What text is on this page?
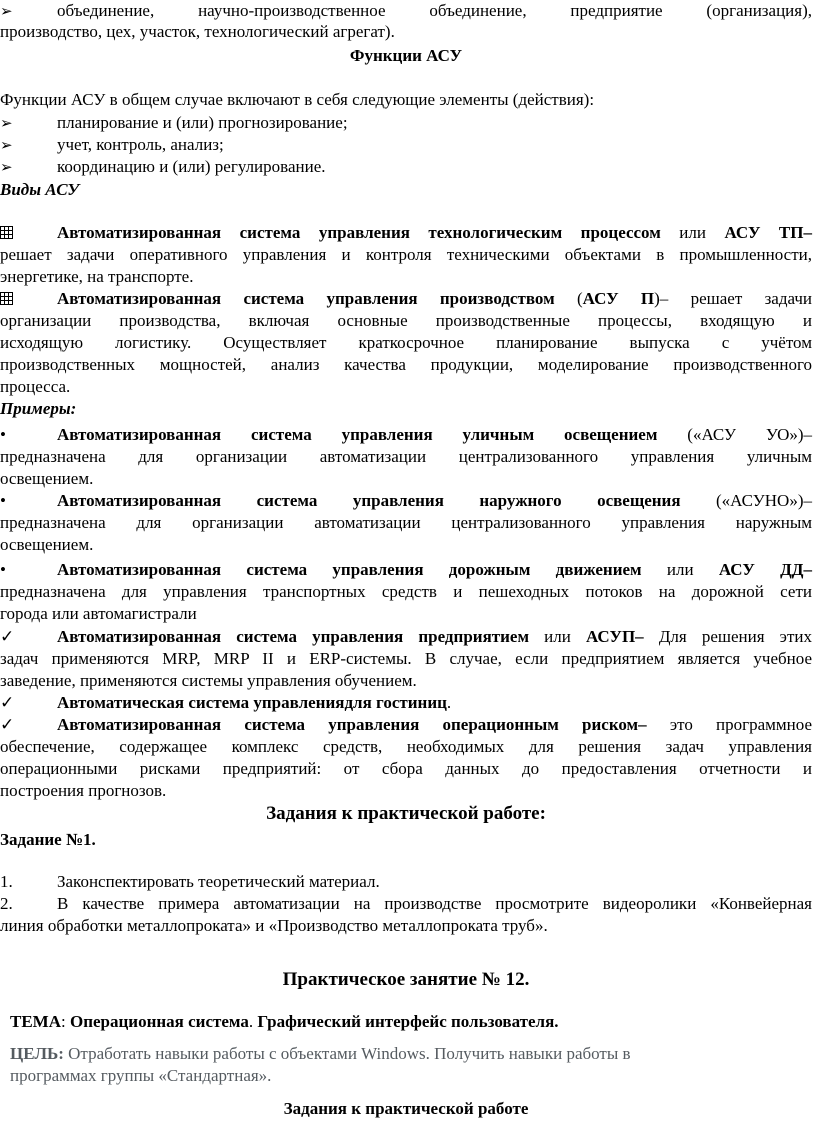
➢	объединение, научно-производственное объединение, предприятие (организация),
производство, цех, участок, технологический агрегат).
Функции АСУ
Функции АСУ в общем случае включают в себя следующие элементы (действия):
➢	планирование и (или) прогнозирование;
➢	учет, контроль, анализ;
➢	координацию и (или) регулирование.
Виды АСУ
Автоматизированная система управления технологическим процессом или АСУ ТП–
решает задачи оперативного управления и контроля техническими объектами в промышленности,
энергетике, на транспорте.
Автоматизированная система управления производством (АСУ П)– решает задачи
организации производства, включая основные производственные процессы, входящую и
исходящую логистику. Осуществляет краткосрочное планирование выпуска с учётом
производственных мощностей, анализ качества продукции, моделирование производственного
процесса.
Примеры:
•	Автоматизированная система управления уличным освещением («АСУ УО»)–
предназначена для организации автоматизации централизованного управления уличным
освещением.
•	Автоматизированная система управления наружного освещения («АСУНО»)–
предназначена для организации автоматизации централизованного управления наружным
освещением.
•	Автоматизированная система управления дорожным движением или АСУ ДД–
предназначена для управления транспортных средств и пешеходных потоков на дорожной сети
города или автомагистрали
✓	Автоматизированная система управления предприятием или АСУП– Для решения этих
задач применяются MRP, MRP II и ERP-системы. В случае, если предприятием является учебное
заведение, применяются системы управления обучением.
✓	Автоматическая система управлениядля гостиниц.
✓	Автоматизированная система управления операционным риском– это программное
обеспечение, содержащее комплекс средств, необходимых для решения задач управления
операционными рисками предприятий: от сбора данных до предоставления отчетности и
построения прогнозов.
Задания к практической работе:
Задание №1.
1.	Законспектировать теоретический материал.
2.	В качестве примера автоматизации на производстве просмотрите видеоролики «Конвейерная
линия обработки металлопроката» и «Производство металлопроката труб».
Практическое занятие № 12.
ТЕМА: Операционная система. Графический интерфейс пользователя.
ЦЕЛЬ: Отработать навыки работы с объектами Windows. Получить навыки работы в
программах группы «Стандартная».
Задания к практической работе
